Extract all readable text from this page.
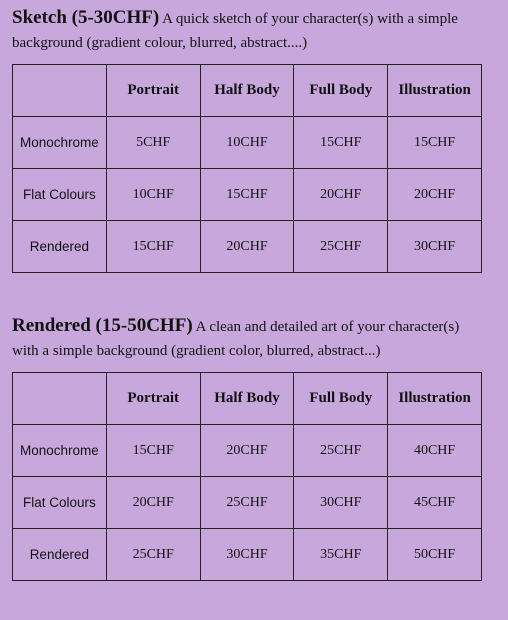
Sketch (5-30CHF) A quick sketch of your character(s) with a simple background (gradient colour, blurred, abstract....)

	Portrait	Half Body	Full Body	Illustration
Monochrome	5CHF	10CHF	15CHF	15CHF
Flat Colours	10CHF	15CHF	20CHF	20CHF
Rendered	15CHF	20CHF	25CHF	30CHF

Rendered (15-50CHF) A clean and detailed art of your character(s) with a simple background (gradient color, blurred, abstract...)

	Portrait	Half Body	Full Body	Illustration
Monochrome	15CHF	20CHF	25CHF	40CHF
Flat Colours	20CHF	25CHF	30CHF	45CHF
Rendered	25CHF	30CHF	35CHF	50CHF
